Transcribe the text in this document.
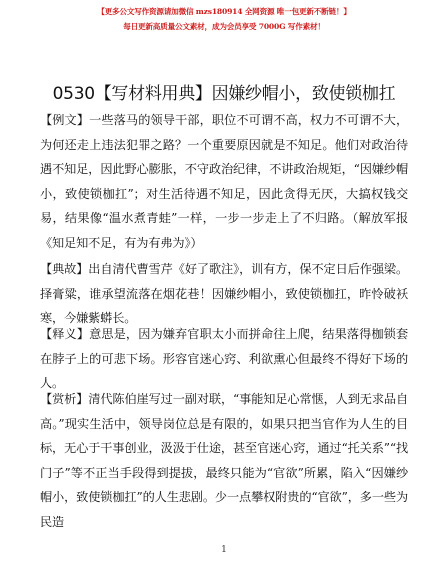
【更多公文写作资源请加微信 mzs180914 全网资源 唯一包更新不断链！】
每日更新高质量公文素材，成为会员享受 7000G 写作素材！
0530【写材料用典】因嫌纱帽小，致使锁枷扛
【例文】一些落马的领导干部，职位不可谓不高，权力不可谓不大，为何还走上违法犯罪之路？一个重要原因就是不知足。他们对政治待遇不知足，因此野心膨胀，不守政治纪律，不讲政治规矩，“因嫌纱帽小，致使锁枷扛”；对生活待遇不知足，因此贪得无厌，大搞权钱交易，结果像“温水煮青蛙”一样，一步一步走上了不归路。（解放军报《知足知不足，有为有弗为》）
【典故】出自清代曹雪芹《好了歌注》，训有方，保不定日后作强梁。择膏粱，谁承望流落在烟花巷！因嫌纱帽小，致使锁枷扛，昨怜破袄寒，今嫌紫蟒长。
【释义】意思是，因为嫌弃官职太小而拼命往上爬，结果落得枷锁套在脖子上的可悲下场。形容官迷心窍、利欲熏心但最终不得好下场的人。
【赏析】清代陈伯崖写过一副对联，“事能知足心常惬，人到无求品自高。”现实生活中，领导岗位总是有限的，如果只把当官作为人生的目标，无心于干事创业，汲汲于仕途，甚至官迷心窍，通过“托关系”“找门子”等不正当手段得到提拔，最终只能为“官欲”所累，陷入“因嫌纱帽小，致使锁枷扛”的人生悲剧。少一点攀权附贵的“官欲”，多一些为民造
1
